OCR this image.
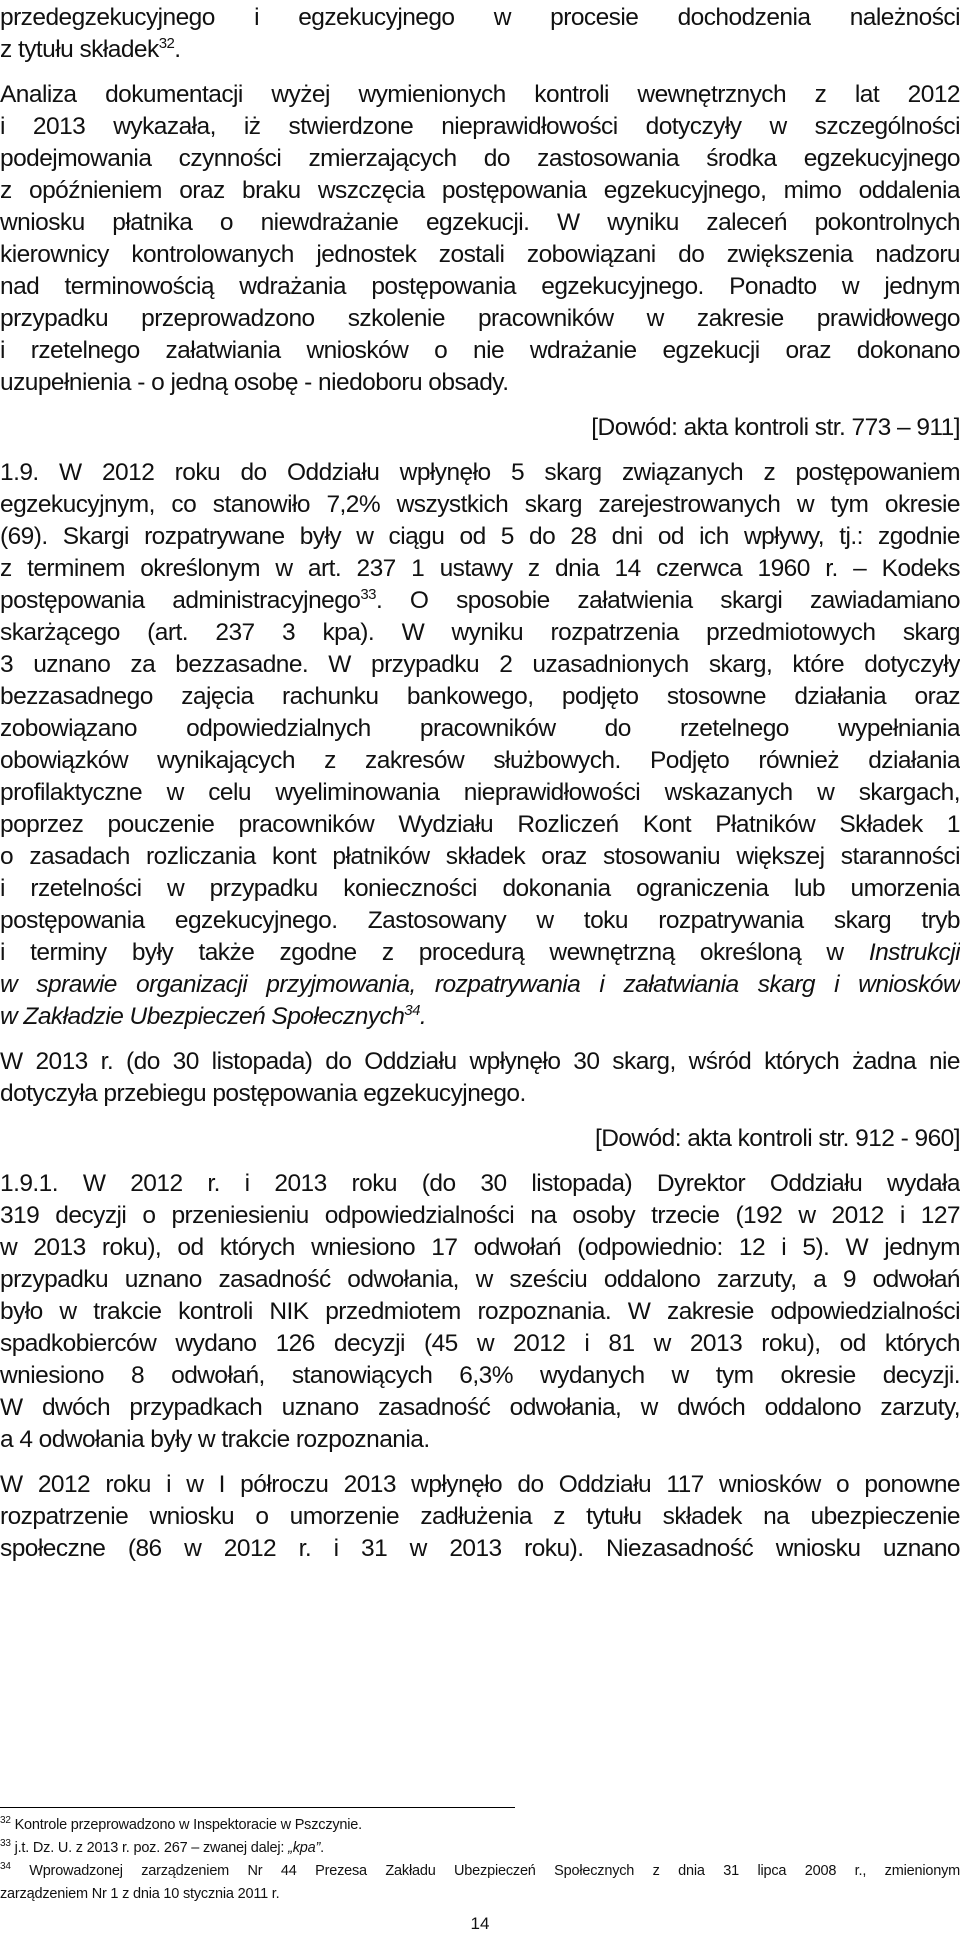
przedegzekucyjnego i egzekucyjnego w procesie dochodzenia należności
z tytułu składek$^{32}$.
Analiza dokumentacji wyżej wymienionych kontroli wewnętrznych z lat 2012
i 2013 wykazała, iż stwierdzone nieprawidłowości dotyczyły w szczególności
podejmowania czynności zmierzających do zastosowania środka egzekucyjnego
z opóźnieniem oraz braku wszczęcia postępowania egzekucyjnego, mimo oddalenia
wniosku płatnika o niewdrażanie egzekucji. W wyniku zaleceń pokontrolnych
kierownicy kontrolowanych jednostek zostali zobowiązani do zwiększenia nadzoru
nad terminowością wdrażania postępowania egzekucyjnego. Ponadto w jednym
przypadku przeprowadzono szkolenie pracowników w zakresie prawidłowego
i rzetelnego załatwiania wniosków o nie wdrażanie egzekucji oraz dokonano
uzupełnienia - o jedną osobę - niedoboru obsady.
[Dowód: akta kontroli str. 773 – 911]
1.9. W 2012 roku do Oddziału wpłynęło 5 skarg związanych z postępowaniem
egzekucyjnym, co stanowiło 7,2% wszystkich skarg zarejestrowanych w tym okresie
(69). Skargi rozpatrywane były w ciągu od 5 do 28 dni od ich wpływy, tj.: zgodnie
z terminem określonym w art. 237 1 ustawy z dnia 14 czerwca 1960 r. – Kodeks
postępowania administracyjnego$^{33}$. O sposobie załatwienia skargi zawiadamiano
skarżącego (art. 237 3 kpa). W wyniku rozpatrzenia przedmiotowych skarg
3 uznano za bezzasadne. W przypadku 2 uzasadnionych skarg, które dotyczyły
bezzasadnego zajęcia rachunku bankowego, podjęto stosowne działania oraz
zobowiązano odpowiedzialnych pracowników do rzetelnego wypełniania
obowiązków wynikających z zakresów służbowych. Podjęto również działania
profilaktyczne w celu wyeliminowania nieprawidłowości wskazanych w skargach,
poprzez pouczenie pracowników Wydziału Rozliczeń Kont Płatników Składek 1
o zasadach rozliczania kont płatników składek oraz stosowaniu większej staranności
i rzetelności w przypadku konieczności dokonania ograniczenia lub umorzenia
postępowania egzekucyjnego. Zastosowany w toku rozpatrywania skarg tryb
i terminy były także zgodne z procedurą wewnętrzną określoną w Instrukcji
w sprawie organizacji przyjmowania, rozpatrywania i załatwiania skarg i wniosków
w Zakładzie Ubezpieczeń Społecznych$^{34}$.
W 2013 r. (do 30 listopada) do Oddziału wpłynęło 30 skarg, wśród których żadna nie
dotyczyła przebiegu postępowania egzekucyjnego.
[Dowód: akta kontroli str. 912 - 960]
1.9.1. W 2012 r. i 2013 roku (do 30 listopada) Dyrektor Oddziału wydała
319 decyzji o przeniesieniu odpowiedzialności na osoby trzecie (192 w 2012 i 127
w 2013 roku), od których wniesiono 17 odwołań (odpowiednio: 12 i 5). W jednym
przypadku uznano zasadność odwołania, w sześciu oddalono zarzuty, a 9 odwołań
było w trakcie kontroli NIK przedmiotem rozpoznania. W zakresie odpowiedzialności
spadkobierców wydano 126 decyzji (45 w 2012 i 81 w 2013 roku), od których
wniesiono 8 odwołań, stanowiących 6,3% wydanych w tym okresie decyzji.
W dwóch przypadkach uznano zasadność odwołania, w dwóch oddalono zarzuty,
a 4 odwołania były w trakcie rozpoznania.
W 2012 roku i w I półroczu 2013 wpłynęło do Oddziału 117 wniosków o ponowne
rozpatrzenie wniosku o umorzenie zadłużenia z tytułu składek na ubezpieczenie
społeczne (86 w 2012 r. i 31 w 2013 roku). Niezasadność wniosku uznano
$^{32}$ Kontrole przeprowadzono w Inspektoracie w Pszczynie.
$^{33}$ j.t. Dz. U. z 2013 r. poz. 267 – zwanej dalej: „kpa”.
$^{34}$ Wprowadzonej zarządzeniem Nr 44 Prezesa Zakładu Ubezpieczeń Społecznych z dnia 31 lipca 2008 r., zmienionym
zarządzeniem Nr 1 z dnia 10 stycznia 2011 r.
14
